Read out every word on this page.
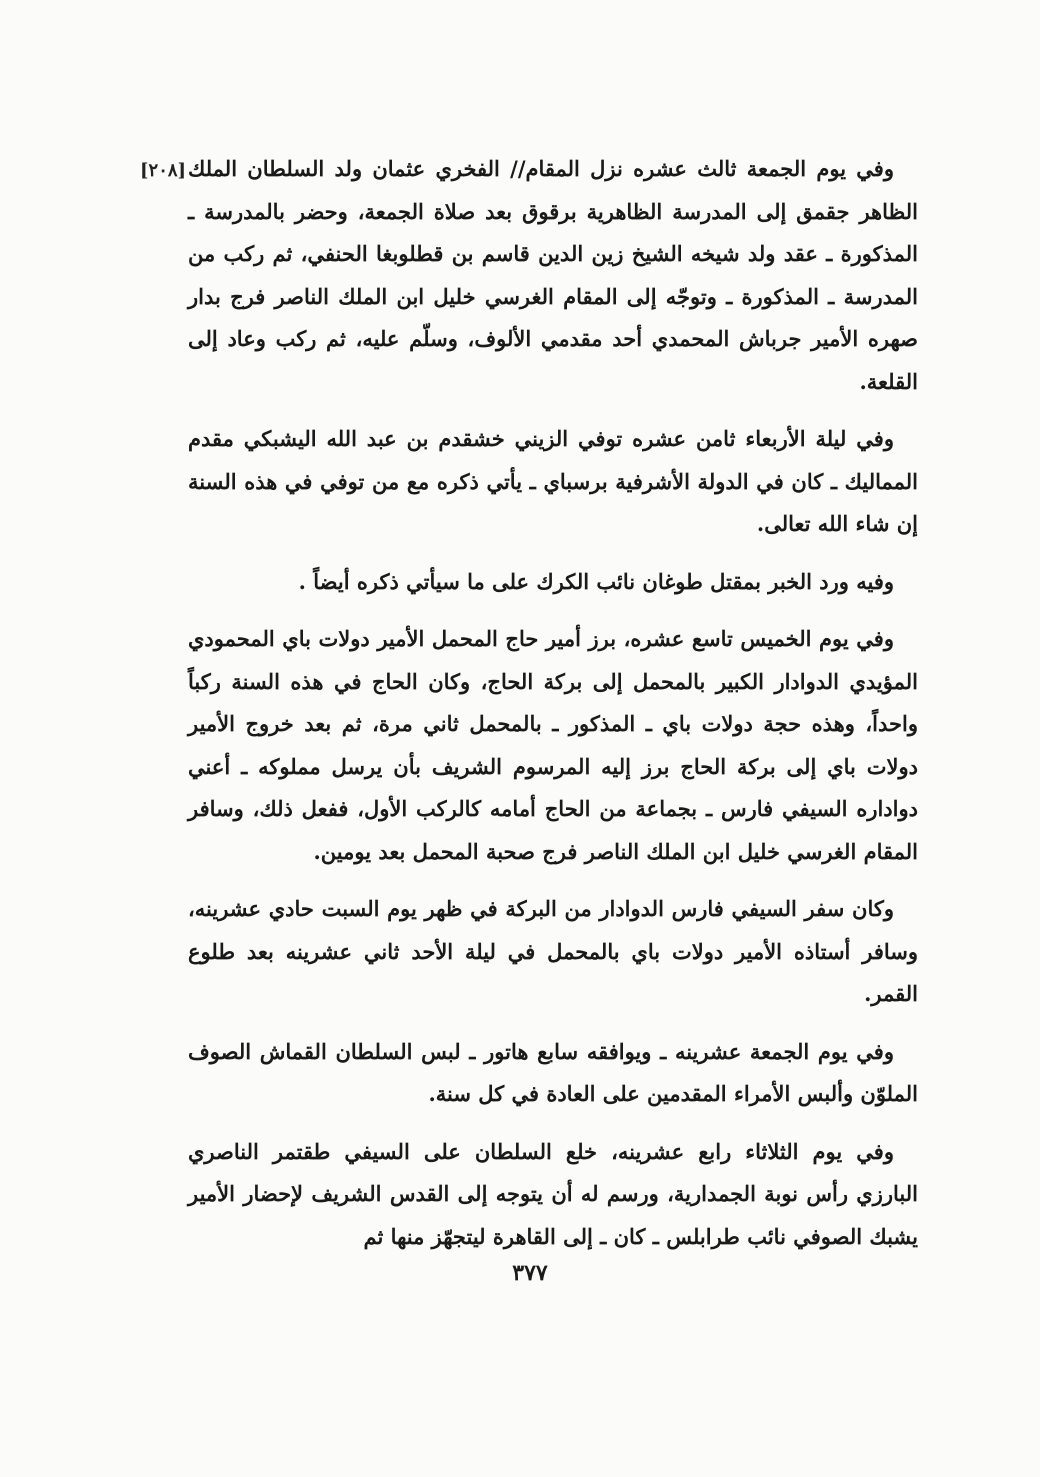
[٢٠٨] وفي يوم الجمعة ثالث عشره نزل المقام// الفخري عثمان ولد السلطان الملك الظاهر جقمق إلى المدرسة الظاهرية برقوق بعد صلاة الجمعة، وحضر بالمدرسة ـ المذكورة ـ عقد ولد شيخه الشيخ زين الدين قاسم بن قطلوبغا الحنفي، ثم ركب من المدرسة ـ المذكورة ـ وتوجّه إلى المقام الغرسي خليل ابن الملك الناصر فرج بدار صهره الأمير جرباش المحمدي أحد مقدمي الألوف، وسلّم عليه، ثم ركب وعاد إلى القلعة.

وفي ليلة الأربعاء ثامن عشره توفي الزيني خشقدم بن عبد الله اليشبكي مقدم المماليك ـ كان في الدولة الأشرفية برسباي ـ يأتي ذكره مع من توفي في هذه السنة إن شاء الله تعالى.

وفيه ورد الخبر بمقتل طوغان نائب الكرك على ما سيأتي ذكره أيضاً .

وفي يوم الخميس تاسع عشره، برز أمير حاج المحمل الأمير دولات باي المحمودي المؤيدي الدوادار الكبير بالمحمل إلى بركة الحاج، وكان الحاج في هذه السنة ركباً واحداً، وهذه حجة دولات باي ـ المذكور ـ بالمحمل ثاني مرة، ثم بعد خروج الأمير دولات باي إلى بركة الحاج برز إليه المرسوم الشريف بأن يرسل مملوكه ـ أعني دواداره السيفي فارس ـ بجماعة من الحاج أمامه كالركب الأول، ففعل ذلك، وسافر المقام الغرسي خليل ابن الملك الناصر فرج صحبة المحمل بعد يومين.

وكان سفر السيفي فارس الدوادار من البركة في ظهر يوم السبت حادي عشرينه، وسافر أستاذه الأمير دولات باي بالمحمل في ليلة الأحد ثاني عشرينه بعد طلوع القمر.

وفي يوم الجمعة عشرينه ـ ويوافقه سابع هاتور ـ لبس السلطان القماش الصوف الملوّن وألبس الأمراء المقدمين على العادة في كل سنة.

وفي يوم الثلاثاء رابع عشرينه، خلع السلطان على السيفي طقتمر الناصري البارزي رأس نوبة الجمدارية، ورسم له أن يتوجه إلى القدس الشريف لإحضار الأمير يشبك الصوفي نائب طرابلس ـ كان ـ إلى القاهرة ليتجهّز منها ثم

٣٧٧
